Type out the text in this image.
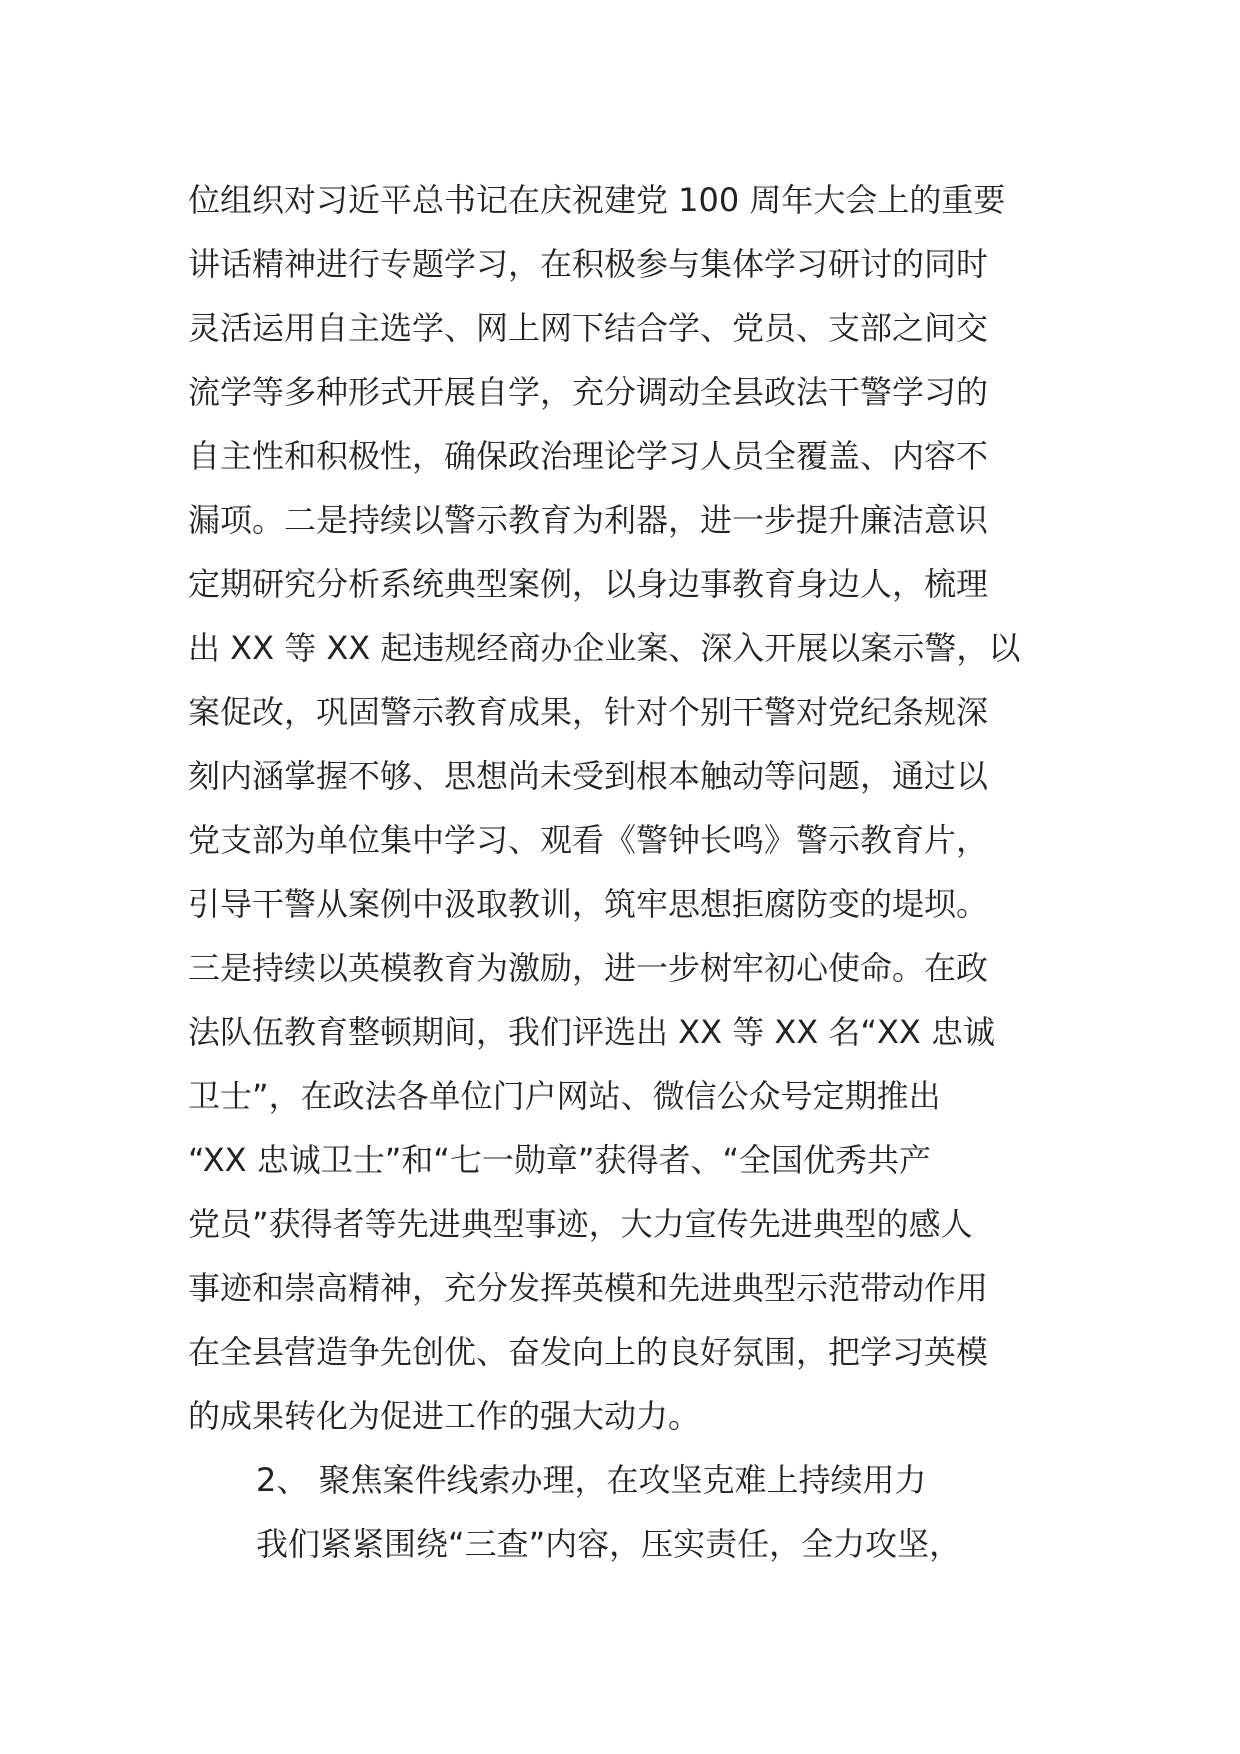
位组织对习近平总书记在庆祝建党 100 周年大会上的重要
讲话精神进行专题学习，在积极参与集体学习研讨的同时
灵活运用自主选学、网上网下结合学、党员、支部之间交
流学等多种形式开展自学，充分调动全县政法干警学习的
自主性和积极性，确保政治理论学习人员全覆盖、内容不
漏项。二是持续以警示教育为利器，进一步提升廉洁意识
定期研究分析系统典型案例，以身边事教育身边人，梳理
出 XX 等 XX 起违规经商办企业案、深入开展以案示警，以
案促改，巩固警示教育成果，针对个别干警对党纪条规深
刻内涵掌握不够、思想尚未受到根本触动等问题，通过以
党支部为单位集中学习、观看《警钟长鸣》警示教育片，
引导干警从案例中汲取教训，筑牢思想拒腐防变的堤坝。
三是持续以英模教育为激励，进一步树牢初心使命。在政
法队伍教育整顿期间，我们评选出 XX 等 XX 名“XX 忠诚
卫士”，在政法各单位门户网站、微信公众号定期推出
“XX 忠诚卫士”和“七一勋章”获得者、“全国优秀共产
党员”获得者等先进典型事迹，大力宣传先进典型的感人
事迹和崇高精神，充分发挥英模和先进典型示范带动作用
在全县营造争先创优、奋发向上的良好氛围，把学习英模
的成果转化为促进工作的强大动力。
2、 聚焦案件线索办理，在攻坚克难上持续用力
我们紧紧围绕“三查”内容，压实责任，全力攻坚，
